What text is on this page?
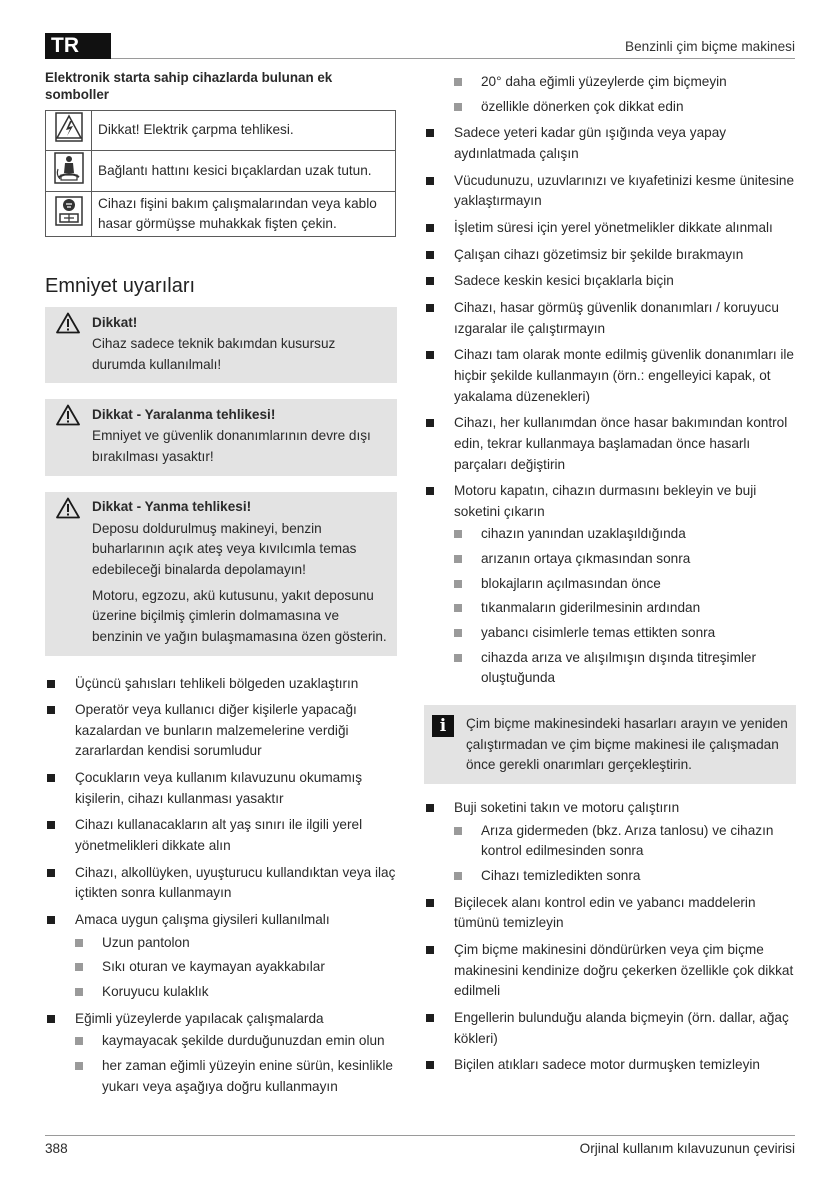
TR	Benzinli çim biçme makinesi
Elektronik starta sahip cihazlarda bulunan ek somboller
	Dikkat! Elektrik çarpma tehlikesi.
	Bağlantı hattını kesici bıçaklardan uzak tutun.
	Cihazı fişini bakım çalışmalarından veya kablo hasar görmüşse muhakkak fişten çekin.
Emniyet uyarıları
Dikkat!

Cihaz sadece teknik bakımdan kusursuz durumda kullanılmalı!

Dikkat - Yaralanma tehlikesi!

Emniyet ve güvenlik donanımlarının devre dışı bırakılması yasaktır!

Dikkat - Yanma tehlikesi!

Deposu doldurulmuş makineyi, benzin buharlarının açık ateş veya kıvılcımla temas edebileceği binalarda depolamayın!

Motoru, egzozu, akü kutusunu, yakıt deposunu üzerine biçilmiş çimlerin dolmamasına ve benzinin ve yağın bulaşmamasına özen gösterin.

Üçüncü şahısları tehlikeli bölgeden uzaklaştırın
Operatör veya kullanıcı diğer kişilerle yapacağı kazalardan ve bunların malzemelerine verdiği zararlardan kendisi sorumludur
Çocukların veya kullanım kılavuzunu okumamış kişilerin, cihazı kullanması yasaktır
Cihazı kullanacakların alt yaş sınırı ile ilgili yerel yönetmelikleri dikkate alın
Cihazı, alkollüyken, uyuşturucu kullandıktan veya ilaç içtikten sonra kullanmayın
Amaca uygun çalışma giysileri kullanılmalı
Uzun pantolon
Sıkı oturan ve kaymayan ayakkabılar
Koruyucu kulaklık
Eğimli yüzeylerde yapılacak çalışmalarda
kaymayacak şekilde durduğunuzdan emin olun
her zaman eğimli yüzeyin enine sürün, kesinlikle yukarı veya aşağıya doğru kullanmayın
20° daha eğimli yüzeylerde çim biçmeyin
özellikle dönerken çok dikkat edin
Sadece yeteri kadar gün ışığında veya yapay aydınlatmada çalışın
Vücudunuzu, uzuvlarınızı ve kıyafetinizi kesme ünitesine yaklaştırmayın
İşletim süresi için yerel yönetmelikler dikkate alınmalı
Çalışan cihazı gözetimsiz bir şekilde bırakmayın
Sadece keskin kesici bıçaklarla biçin
Cihazı, hasar görmüş güvenlik donanımları / koruyucu ızgaralar ile çalıştırmayın
Cihazı tam olarak monte edilmiş güvenlik donanımları ile hiçbir şekilde kullanmayın (örn.: engelleyici kapak, ot yakalama düzenekleri)
Cihazı, her kullanımdan önce hasar bakımından kontrol edin, tekrar kullanmaya başlamadan önce hasarlı parçaları değiştirin
Motoru kapatın, cihazın durmasını bekleyin ve buji soketini çıkarın
cihazın yanından uzaklaşıldığında
arızanın ortaya çıkmasından sonra
blokajların açılmasından önce
tıkanmaların giderilmesinin ardından
yabancı cisimlerle temas ettikten sonra
cihazda arıza ve alışılmışın dışında titreşimler oluştuğunda
i	Çim biçme makinesindeki hasarları arayın ve yeniden çalıştırmadan ve çim biçme makinesi ile çalışmadan önce gerekli onarımları gerçekleştirin.
Buji soketini takın ve motoru çalıştırın
Arıza gidermeden (bkz. Arıza tanlosu) ve cihazın kontrol edilmesinden sonra
Cihazı temizledikten sonra
Biçilecek alanı kontrol edin ve yabancı maddelerin tümünü temizleyin
Çim biçme makinesini döndürürken veya çim biçme makinesini kendinize doğru çekerken özellikle çok dikkat edilmeli
Engellerin bulunduğu alanda biçmeyin (örn. dallar, ağaç kökleri)
Biçilen atıkları sadece motor durmuşken temizleyin
388	Orjinal kullanım kılavuzunun çevirisi
